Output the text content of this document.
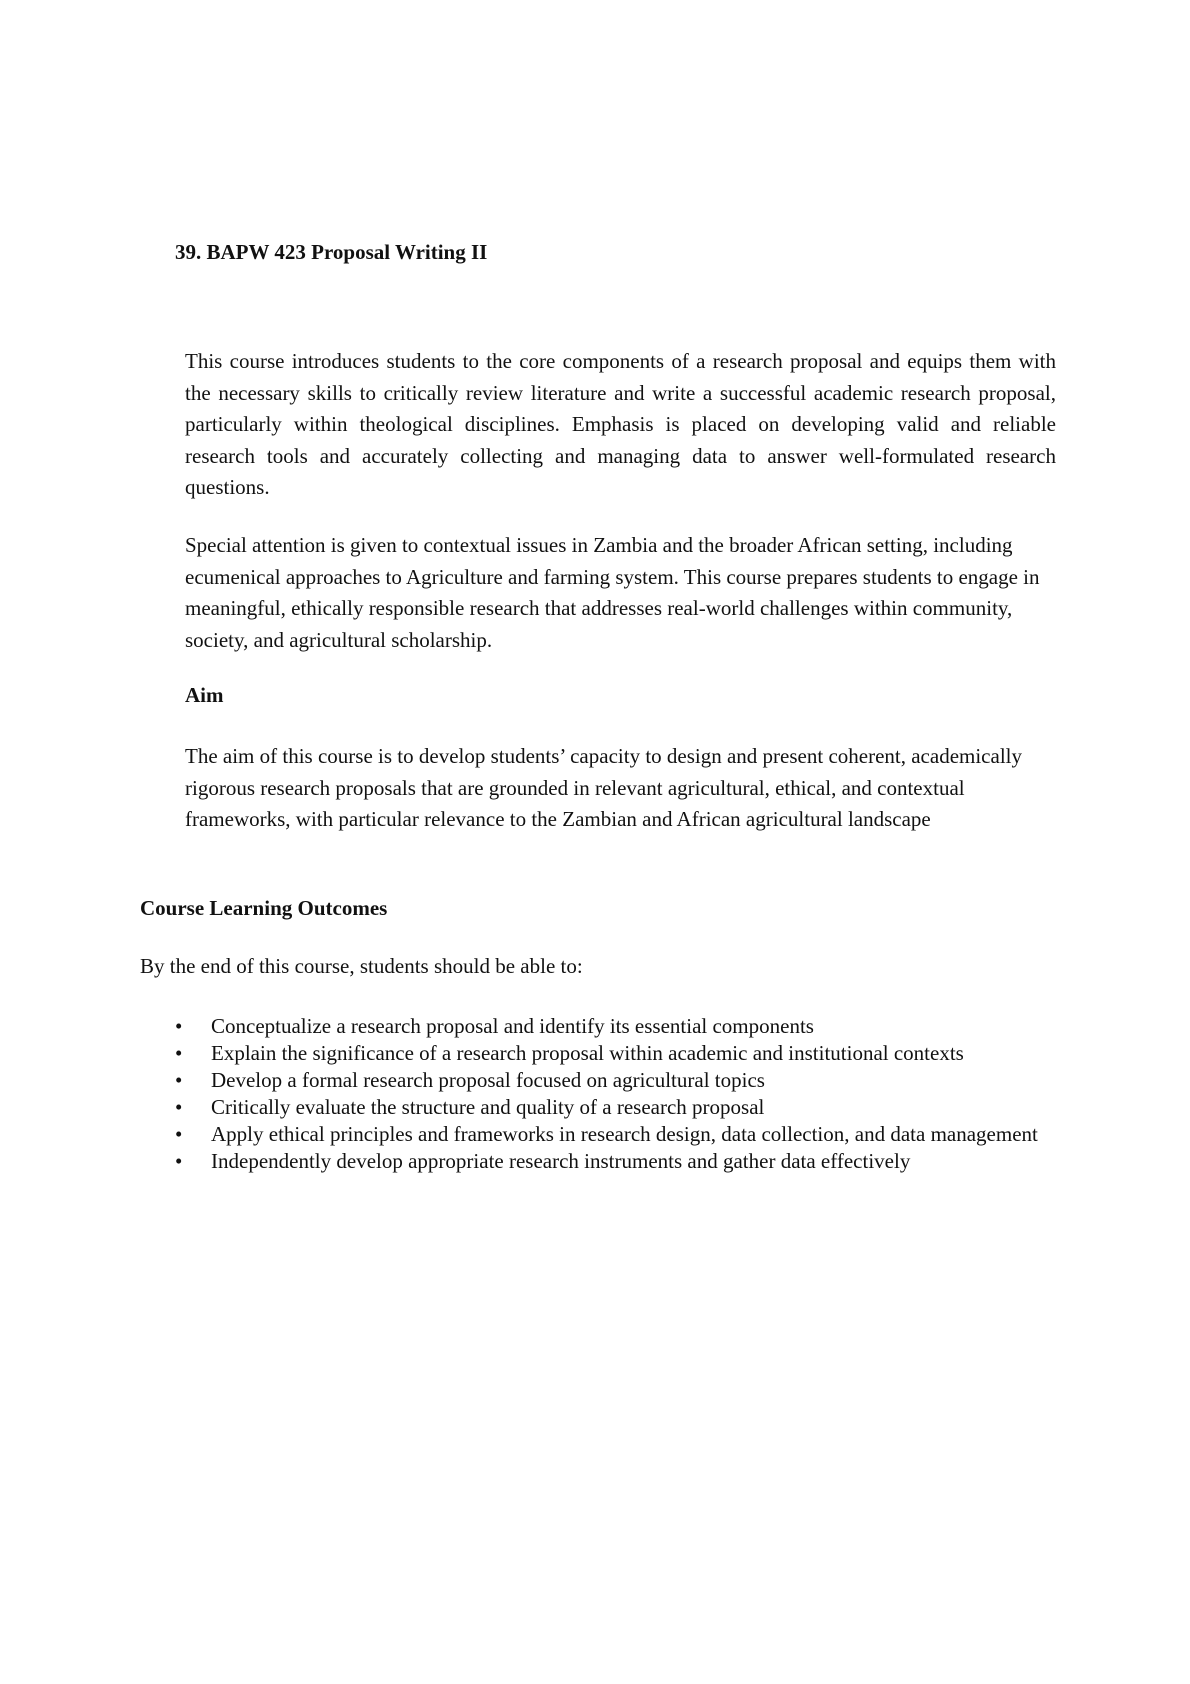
39. BAPW 423 Proposal Writing II

This course introduces students to the core components of a research proposal and equips them with the necessary skills to critically review literature and write a successful academic research proposal, particularly within theological disciplines. Emphasis is placed on developing valid and reliable research tools and accurately collecting and managing data to answer well-formulated research questions.

Special attention is given to contextual issues in Zambia and the broader African setting, including ecumenical approaches to Agriculture and farming system. This course prepares students to engage in meaningful, ethically responsible research that addresses real-world challenges within community, society, and agricultural scholarship.

Aim

The aim of this course is to develop students’ capacity to design and present coherent, academically rigorous research proposals that are grounded in relevant agricultural, ethical, and contextual frameworks, with particular relevance to the Zambian and African agricultural landscape

Course Learning Outcomes

By the end of this course, students should be able to:

• Conceptualize a research proposal and identify its essential components
• Explain the significance of a research proposal within academic and institutional contexts
• Develop a formal research proposal focused on agricultural topics
• Critically evaluate the structure and quality of a research proposal
• Apply ethical principles and frameworks in research design, data collection, and data management
• Independently develop appropriate research instruments and gather data effectively
